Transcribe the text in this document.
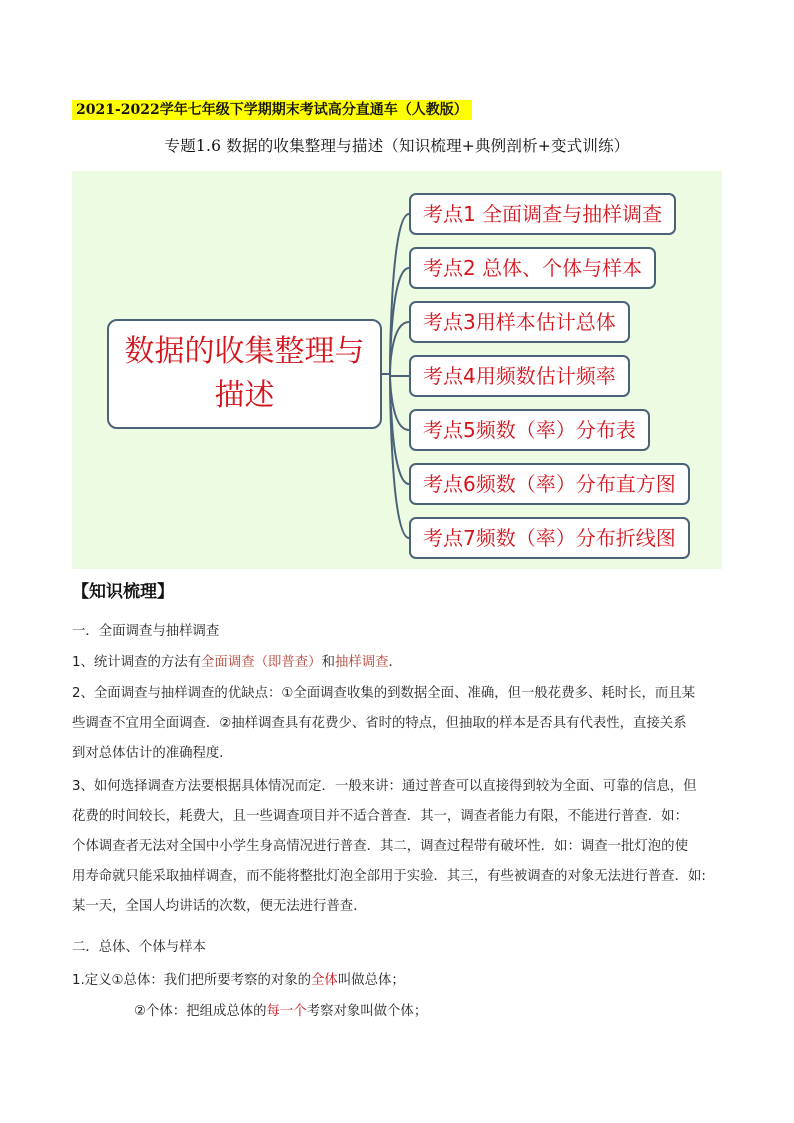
2021-2022学年七年级下学期期末考试高分直通车（人教版）
专题1.6 数据的收集整理与描述（知识梳理+典例剖析+变式训练）
数据的收集整理与描述
考点1 全面调查与抽样调查
考点2 总体、个体与样本
考点3用样本估计总体
考点4用频数估计频率
考点5频数（率）分布表
考点6频数（率）分布直方图
考点7频数（率）分布折线图
【知识梳理】
一．全面调查与抽样调查
1、统计调查的方法有全面调查（即普查）和抽样调查．
2、全面调查与抽样调查的优缺点：①全面调查收集的到数据全面、准确，但一般花费多、耗时长，而且某
些调查不宜用全面调查．②抽样调查具有花费少、省时的特点，但抽取的样本是否具有代表性，直接关系
到对总体估计的准确程度．
3、如何选择调查方法要根据具体情况而定．一般来讲：通过普查可以直接得到较为全面、可靠的信息，但
花费的时间较长，耗费大，且一些调查项目并不适合普查．其一，调查者能力有限，不能进行普查．如：
个体调查者无法对全国中小学生身高情况进行普查．其二，调查过程带有破坏性．如：调查一批灯泡的使
用寿命就只能采取抽样调查，而不能将整批灯泡全部用于实验．其三，有些被调查的对象无法进行普查．如:
某一天，全国人均讲话的次数，便无法进行普查．
二．总体、个体与样本
1.定义①总体：我们把所要考察的对象的全体叫做总体；
②个体：把组成总体的每一个考察对象叫做个体；
